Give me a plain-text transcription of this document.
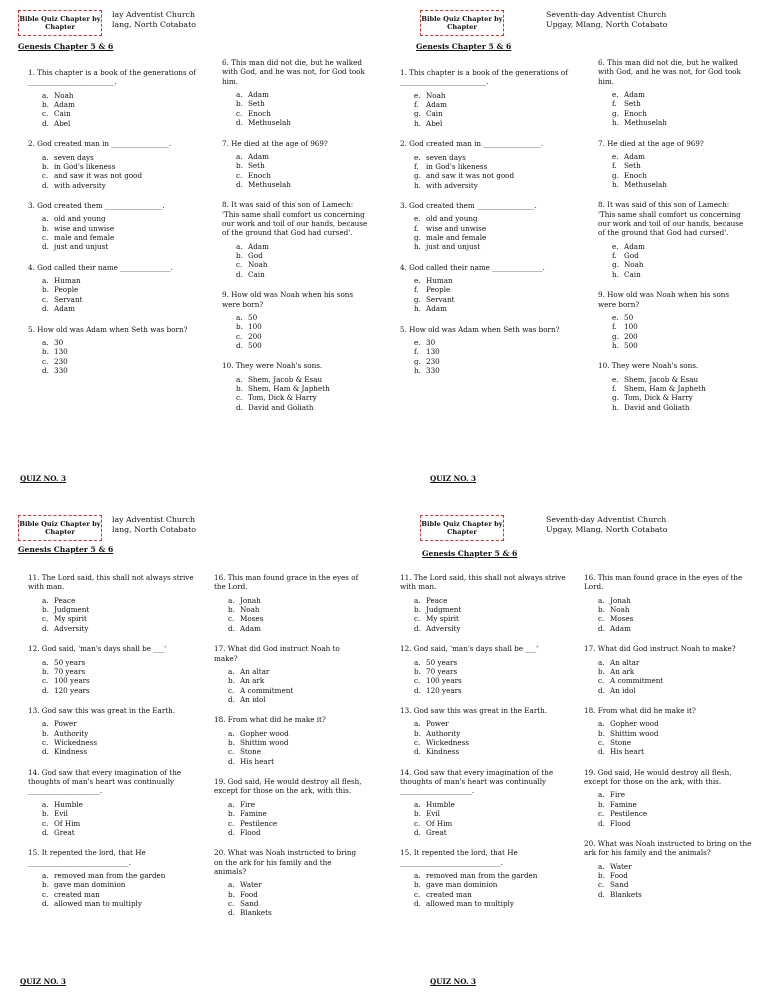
Bible Quiz Chapter by Chapter
lay Adventist Church
lang, North Cotabato
Genesis Chapter 5 & 6
1. This chapter is a book of the generations of ________________________.
a. Noah
b. Adam
c. Cain
d. Abel
2. God created man in ________________.
a. seven days
b. in God's likeness
c. and saw it was not good
d. with adversity
3. God created them ________________.
a. old and young
b. wise and unwise
c. male and female
d. just and unjust
4. God called their name ______________.
a. Human
b. People
c. Servant
d. Adam
5. How old was Adam when Seth was born?
a. 30
b. 130
c. 230
d. 330
6. This man did not die, but he walked with God, and he was not, for God took him.
a. Adam
b. Seth
c. Enoch
d. Methuselah
7. He died at the age of 969?
a. Adam
b. Seth
c. Enoch
d. Methuselah
8. It was said of this son of Lamech: 'This same shall comfort us concerning our work and toil of our hands, because of the ground that God had cursed'.
a. Adam
b. God
c. Noah
d. Cain
9. How old was Noah when his sons were born?
a. 50
b. 100
c. 200
d. 500
10. They were Noah's sons.
a. Shem, Jacob & Esau
b. Shem, Ham & Japheth
c. Tom, Dick & Harry
d. David and Goliath
QUIZ NO. 3
Bible Quiz Chapter by Chapter
Seventh-day Adventist Church
Upgay, Mlang, North Cotabato
Genesis Chapter 5 & 6
1. This chapter is a book of the generations of ________________________.
e. Noah
f. Adam
g. Cain
h. Abel
2. God created man in ________________.
e. seven days
f. in God's likeness
g. and saw it was not good
h. with adversity
3. God created them ________________.
e. old and young
f. wise and unwise
g. male and female
h. just and unjust
4. God called their name ______________.
e. Human
f. People
g. Servant
h. Adam
5. How old was Adam when Seth was born?
e. 30
f. 130
g. 230
h. 330
6. This man did not die, but he walked with God, and he was not, for God took him.
e. Adam
f. Seth
g. Enoch
h. Methuselah
7. He died at the age of 969?
e. Adam
f. Seth
g. Enoch
h. Methuselah
8. It was said of this son of Lamech: 'This same shall comfort us concerning our work and toil of our hands, because of the ground that God had cursed'.
e. Adam
f. God
g. Noah
h. Cain
9. How old was Noah when his sons were born?
e. 50
f. 100
g. 200
h. 500
10. They were Noah's sons.
e. Shem, Jacob & Esau
f. Shem, Ham & Japheth
g. Tom, Dick & Harry
h. David and Goliath
QUIZ NO. 3
Bible Quiz Chapter by Chapter
lay Adventist Church
lang, North Cotabato
Genesis Chapter 5 & 6
11. The Lord said, this shall not always strive with man.
a. Peace
b. Judgment
c. My spirit
d. Adversity
12. God said, 'man's days shall be ___'
a. 50 years
b. 70 years
c. 100 years
d. 120 years
13. God saw this was great in the Earth.
a. Power
b. Authority
c. Wickedness
d. Kindness
14. God saw that every imagination of the thoughts of man's heart was continually ____________________.
a. Humble
b. Evil
c. Of Him
d. Great
15. It repented the lord, that He ____________________________.
a. removed man from the garden
b. gave man dominion
c. created man
d. allowed man to multiply
16. This man found grace in the eyes of the Lord.
a. Jonah
b. Noah
c. Moses
d. Adam
17. What did God instruct Noah to make?
a. An altar
b. An ark
c. A commitment
d. An idol
18. From what did he make it?
a. Gopher wood
b. Shittim wood
c. Stone
d. His heart
19. God said, He would destroy all flesh, except for those on the ark, with this.
a. Fire
b. Famine
c. Pestilence
d. Flood
20. What was Noah instructed to bring on the ark for his family and the animals?
a. Water
b. Food
c. Sand
d. Blankets
QUIZ NO. 3
Bible Quiz Chapter by Chapter
Seventh-day Adventist Church
Upgay, Mlang, North Cotabato
Genesis Chapter 5 & 6
11. The Lord said, this shall not always strive with man.
a. Peace
b. Judgment
c. My spirit
d. Adversity
12. God said, 'man's days shall be ___'
a. 50 years
b. 70 years
c. 100 years
d. 120 years
13. God saw this was great in the Earth.
a. Power
b. Authority
c. Wickedness
d. Kindness
14. God saw that every imagination of the thoughts of man's heart was continually ____________________.
a. Humble
b. Evil
c. Of Him
d. Great
15. It repented the lord, that He ____________________________.
a. removed man from the garden
b. gave man dominion
c. created man
d. allowed man to multiply
16. This man found grace in the eyes of the Lord.
a. Jonah
b. Noah
c. Moses
d. Adam
17. What did God instruct Noah to make?
a. An altar
b. An ark
c. A commitment
d. An idol
18. From what did he make it?
a. Gopher wood
b. Shittim wood
c. Stone
d. His heart
19. God said, He would destroy all flesh, except for those on the ark, with this.
a. Fire
b. Famine
c. Pestilence
d. Flood
20. What was Noah instructed to bring on the ark for his family and the animals?
a. Water
b. Food
c. Sand
d. Blankets
QUIZ NO. 3
